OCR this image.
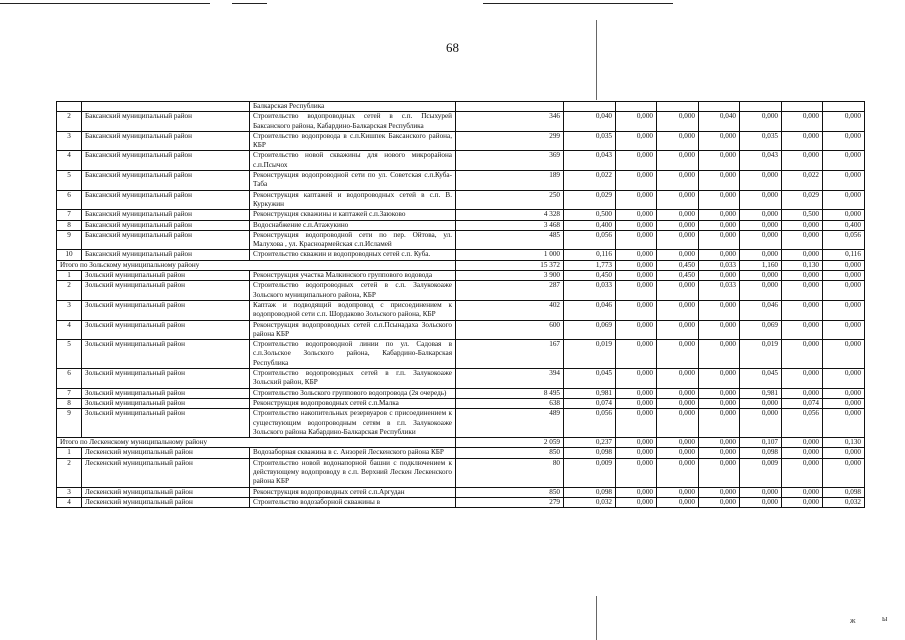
ж	ы
68
		Балкарская Республика								
2	Баксанский муниципальный район	Строительство водопроводных сетей в с.п. Псыхурей Баксанского района, Кабардино-Балкарская Республика	346	0,040	0,000	0,000	0,040	0,000	0,000	0,000
3	Баксанский муниципальный район	Строительство водопровода в с.п.Кишпек Баксанского района, КБР	299	0,035	0,000	0,000	0,000	0,035	0,000	0,000
4	Баксанский муниципальный район	Строительство новой скважины для нового микрорайона с.п.Псычох	369	0,043	0,000	0,000	0,000	0,043	0,000	0,000
5	Баксанский муниципальный район	Реконструкция водопроводной сети по ул. Советская с.п.Куба-Таба	189	0,022	0,000	0,000	0,000	0,000	0,022	0,000
6	Баксанский муниципальный район	Реконструкция каптажей и водопроводных сетей в с.п. В. Куркужин	250	0,029	0,000	0,000	0,000	0,000	0,029	0,000
7	Баксанский муниципальный район	Реконструкция скважины и каптажей с.п.Заюково	4 328	0,500	0,000	0,000	0,000	0,000	0,500	0,000
8	Баксанский муниципальный район	Водоснабжение с.п.Атажукино	3 468	0,400	0,000	0,000	0,000	0,000	0,000	0,400
9	Баксанский муниципальный район	Реконструкция водопроводной сети по пер. Ойтова, ул. Малухова , ул. Красноармейская с.п.Исламей	485	0,056	0,000	0,000	0,000	0,000	0,000	0,056
10	Баксанский муниципальный район	Строительство скважин и водопроводных сетей с.п. Куба.	1 000	0,116	0,000	0,000	0,000	0,000	0,000	0,116
Итого по Зольскому муниципальному району			15 372	1,773	0,000	0,450	0,033	1,160	0,130	0,000
1	Зольский муниципальный район	Реконструкция участка Малкинского группового водовода	3 900	0,450	0,000	0,450	0,000	0,000	0,000	0,000
2	Зольский муниципальный район	Строительство водопроводных сетей в с.п. Залукокоаже Зольского муниципального района, КБР	287	0,033	0,000	0,000	0,033	0,000	0,000	0,000
3	Зольский муниципальный район	Каптаж и подводящий водопровод с присоединением к водопроводной сети с.п. Шордаково Зольского района, КБР	402	0,046	0,000	0,000	0,000	0,046	0,000	0,000
4	Зольский муниципальный район	Реконструкция водопроводных сетей с.п.Псынадаха Зольского района КБР	600	0,069	0,000	0,000	0,000	0,069	0,000	0,000
5	Зольский муниципальный район	Строительство водопроводной линии по ул. Садовая в с.п.Зольское Зольского района, Кабардино-Балкарская Республика	167	0,019	0,000	0,000	0,000	0,019	0,000	0,000
6	Зольский муниципальный район	Строительство водопроводных сетей в г.п. Залукокоаже Зольский район, КБР	394	0,045	0,000	0,000	0,000	0,045	0,000	0,000
7	Зольский муниципальный район	Строительство Зольского группового водопровода (2я очередь)	8 495	0,981	0,000	0,000	0,000	0,981	0,000	0,000
8	Зольский муниципальный район	Реконструкция водопроводных сетей с.п.Малка	638	0,074	0,000	0,000	0,000	0,000	0,074	0,000
9	Зольский муниципальный район	Строительство накопительных резервуаров с присоединением к существующим водопроводным сетям в г.п. Залукокоаже Зольского района Кабардино-Балкарская Республики	489	0,056	0,000	0,000	0,000	0,000	0,056	0,000
Итого по Лескенскому муниципальному району			2 059	0,237	0,000	0,000	0,000	0,107	0,000	0,130
1	Лескенский муниципальный район	Водозаборная скважина в с. Анзорей Лескенского района КБР	850	0,098	0,000	0,000	0,000	0,098	0,000	0,000
2	Лескенский муниципальный район	Строительство новой водонапорной башни с подключением к действующему водопроводу в с.п. Верхний Лескен Лескенского района КБР	80	0,009	0,000	0,000	0,000	0,009	0,000	0,000
3	Лескенский муниципальный район	Реконструкция водопроводных сетей с.п.Аргудан	850	0,098	0,000	0,000	0,000	0,000	0,000	0,098
4	Лескенский муниципальный район	Строительство водозаборной скважины в	279	0,032	0,000	0,000	0,000	0,000	0,000	0,032
